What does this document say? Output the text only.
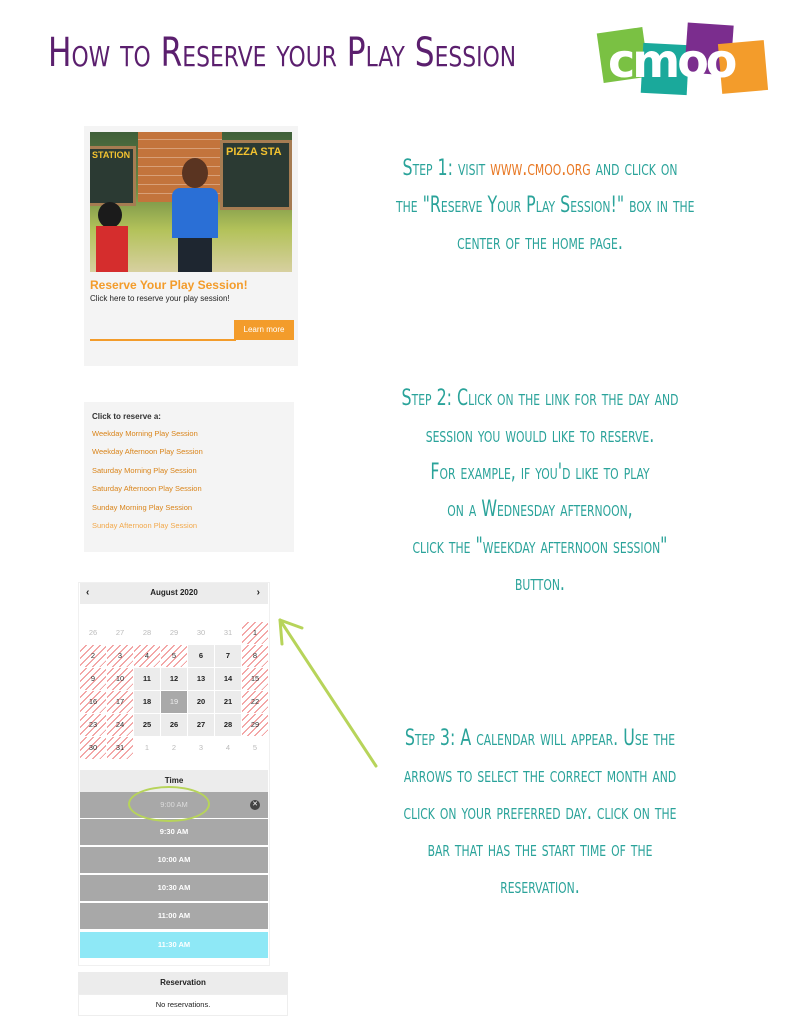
How to Reserve your Play Session cmoo
Step 1: visit www.cmoo.org and click on
the "Reserve Your Play Session!" box in the
center of the home page.
Step 2: Click on the link for the day and
session you would like to reserve.
For example, if you'd like to play
on a Wednesday afternoon,
click the "weekday afternoon session"
button.
Step 3: A calendar will appear. Use the
arrows to select the correct month and
click on your preferred day. click on the
bar that has the start time of the
reservation.
PIZZA STA
STATION
Reserve Your Play Session!
Click here to reserve your play session!
Learn more
Click to reserve a:
Weekday Morning Play Session
Weekday Afternoon Play Session
Saturday Morning Play Session
Saturday Afternoon Play Session
Sunday Morning Play Session
Sunday Afternoon Play Session
‹	August 2020	›
26	27	28	29	30	31	1
2	3	4	5	6	7	8
9	10	11	12	13	14	15
16	17	18	19	20	21	22
23	24	25	26	27	28	29
30	31	1	2	3	4	5
Time
9:00 AM	✕
9:30 AM
10:00 AM
10:30 AM
11:00 AM
11:30 AM
Reservation
No reservations.
